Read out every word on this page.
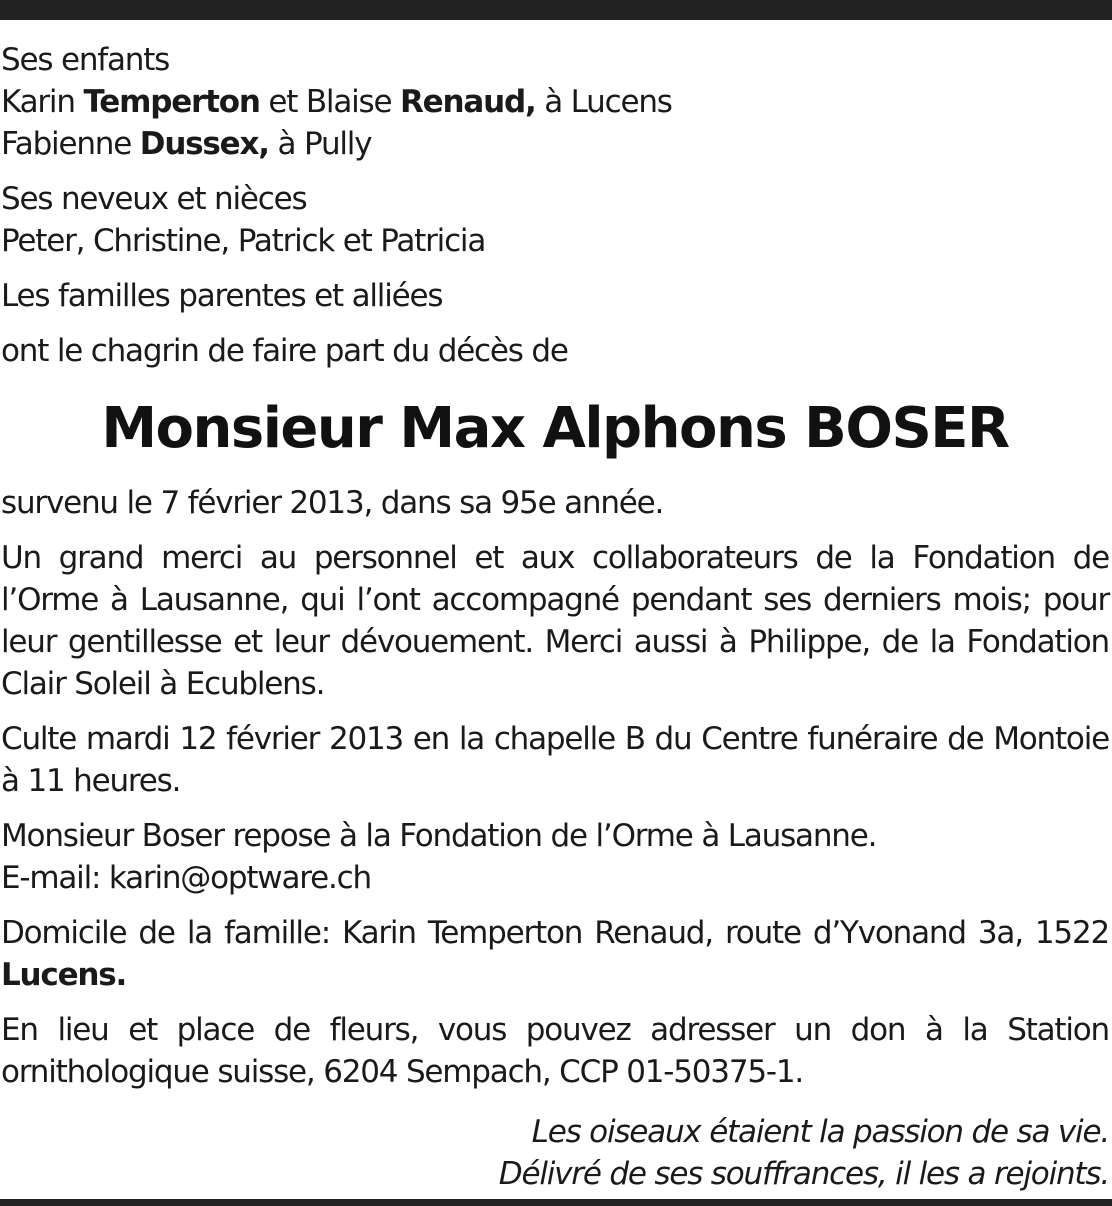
Ses enfants
Karin Temperton et Blaise Renaud, à Lucens
Fabienne Dussex, à Pully
Ses neveux et nièces
Peter, Christine, Patrick et Patricia
Les familles parentes et alliées
ont le chagrin de faire part du décès de
Monsieur Max Alphons BOSER
survenu le 7 février 2013, dans sa 95e année.
Un grand merci au personnel et aux collaborateurs de la Fondation de l’Orme à Lausanne, qui l’ont accompagné pendant ses derniers mois; pour leur gentillesse et leur dévouement. Merci aussi à Philippe, de la Fondation Clair Soleil à Ecublens.
Culte mardi 12 février 2013 en la chapelle B du Centre funéraire de Montoie à 11 heures.
Monsieur Boser repose à la Fondation de l’Orme à Lausanne.
E-mail: karin@optware.ch
Domicile de la famille: Karin Temperton Renaud, route d’Yvonand 3a, 1522 Lucens.
En lieu et place de fleurs, vous pouvez adresser un don à la Station ornithologique suisse, 6204 Sempach, CCP 01-50375-1.
Les oiseaux étaient la passion de sa vie.
Délivré de ses souffrances, il les a rejoints.
